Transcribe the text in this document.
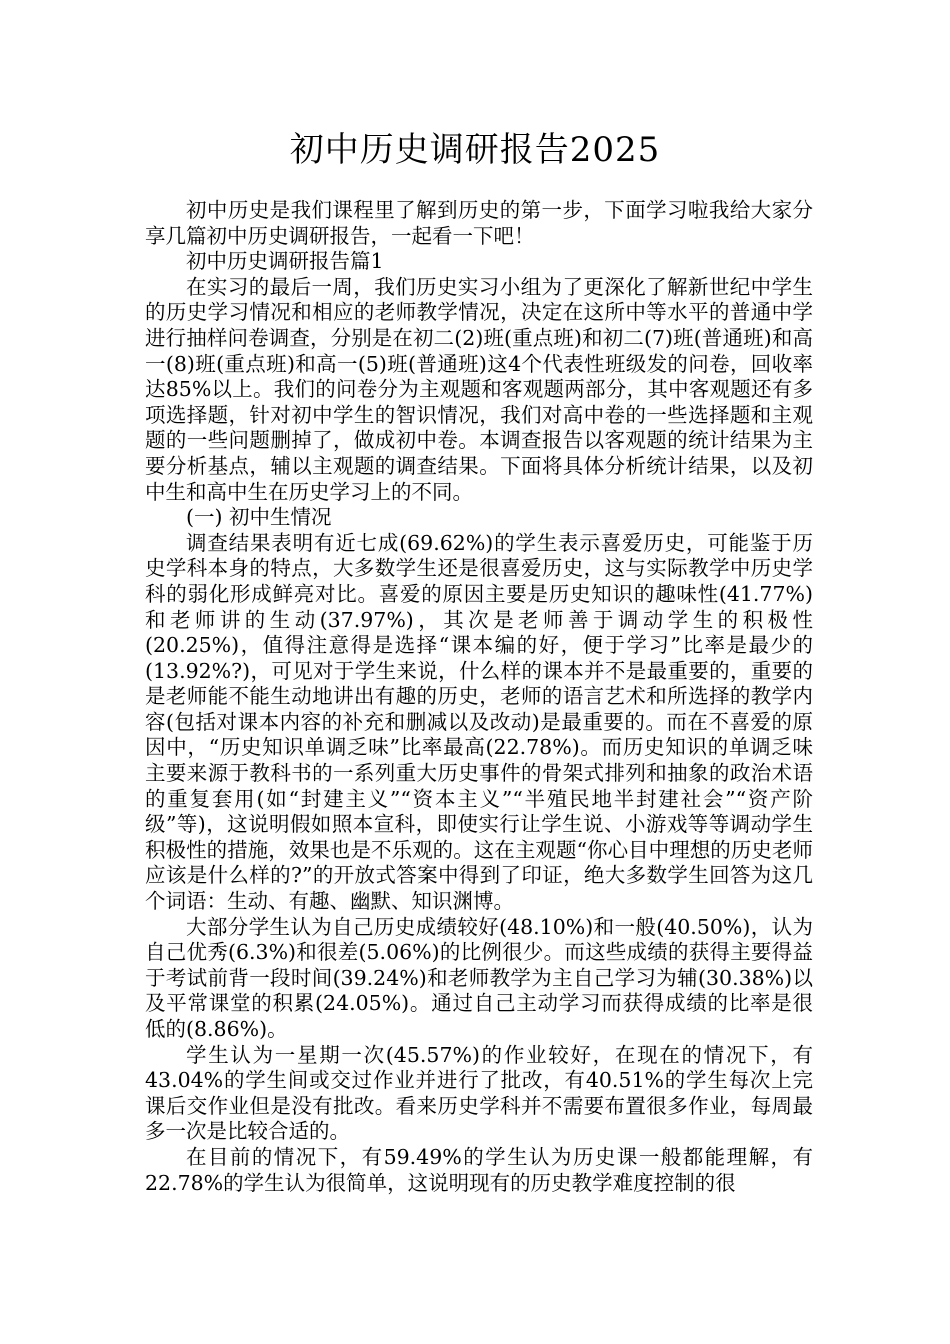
初中历史调研报告2025

初中历史是我们课程里了解到历史的第一步，下面学习啦我给大家分享几篇初中历史调研报告，一起看一下吧！

初中历史调研报告篇1

在实习的最后一周，我们历史实习小组为了更深化了解新世纪中学生的历史学习情况和相应的老师教学情况，决定在这所中等水平的普通中学进行抽样问卷调查，分别是在初二(2)班(重点班)和初二(7)班(普通班)和高一(8)班(重点班)和高一(5)班(普通班)这4个代表性班级发的问卷，回收率达85%以上。我们的问卷分为主观题和客观题两部分，其中客观题还有多项选择题，针对初中学生的智识情况，我们对高中卷的一些选择题和主观题的一些问题删掉了，做成初中卷。本调查报告以客观题的统计结果为主要分析基点，辅以主观题的调查结果。下面将具体分析统计结果，以及初中生和高中生在历史学习上的不同。

(一) 初中生情况

调查结果表明有近七成(69.62%)的学生表示喜爱历史，可能鉴于历史学科本身的特点，大多数学生还是很喜爱历史，这与实际教学中历史学科的弱化形成鲜亮对比。喜爱的原因主要是历史知识的趣味性(41.77%)和老师讲的生动(37.97%)，其次是老师善于调动学生的积极性(20.25%)，值得注意得是选择“课本编的好，便于学习”比率是最少的(13.92%?)，可见对于学生来说，什么样的课本并不是最重要的，重要的是老师能不能生动地讲出有趣的历史，老师的语言艺术和所选择的教学内容(包括对课本内容的补充和删减以及改动)是最重要的。而在不喜爱的原因中，“历史知识单调乏味”比率最高(22.78%)。而历史知识的单调乏味主要来源于教科书的一系列重大历史事件的骨架式排列和抽象的政治术语的重复套用(如“封建主义”“资本主义”“半殖民地半封建社会”“资产阶级”等)，这说明假如照本宣科，即使实行让学生说、小游戏等等调动学生积极性的措施，效果也是不乐观的。这在主观题“你心目中理想的历史老师应该是什么样的?”的开放式答案中得到了印证，绝大多数学生回答为这几个词语：生动、有趣、幽默、知识渊博。

大部分学生认为自己历史成绩较好(48.10%)和一般(40.50%)，认为自己优秀(6.3%)和很差(5.06%)的比例很少。而这些成绩的获得主要得益于考试前背一段时间(39.24%)和老师教学为主自己学习为辅(30.38%)以及平常课堂的积累(24.05%)。通过自己主动学习而获得成绩的比率是很低的(8.86%)。

学生认为一星期一次(45.57%)的作业较好，在现在的情况下，有43.04%的学生间或交过作业并进行了批改，有40.51%的学生每次上完课后交作业但是没有批改。看来历史学科并不需要布置很多作业，每周最多一次是比较合适的。

在目前的情况下，有59.49%的学生认为历史课一般都能理解，有22.78%的学生认为很简单，这说明现有的历史教学难度控制的很
